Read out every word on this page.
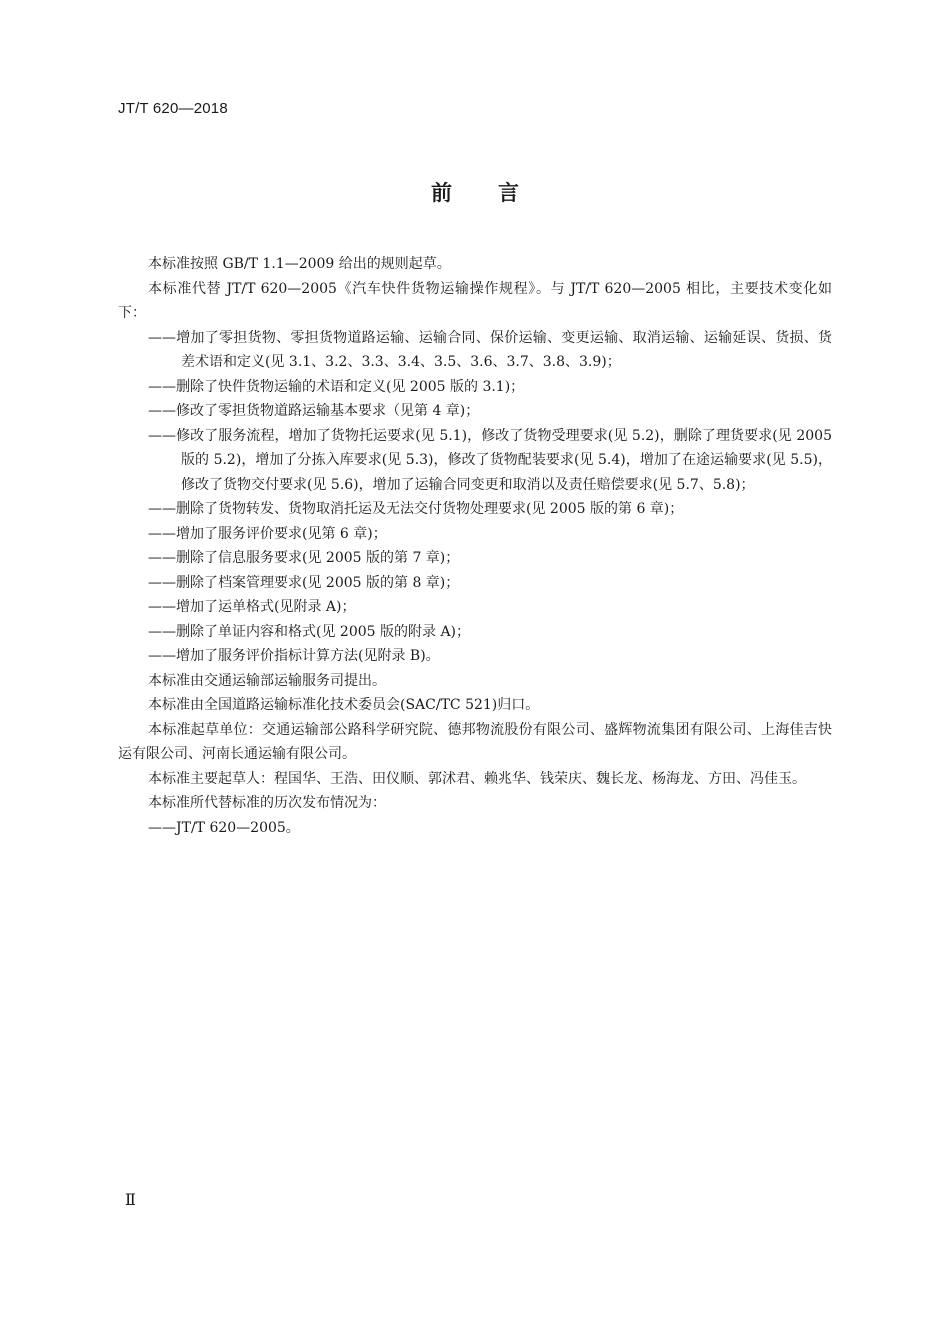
JT/T 620—2018

前言

本标准按照 GB/T 1.1—2009 给出的规则起草。

本标准代替 JT/T 620—2005《汽车快件货物运输操作规程》。与 JT/T 620—2005 相比，主要技术变化如下：

——增加了零担货物、零担货物道路运输、运输合同、保价运输、变更运输、取消运输、运输延误、货损、货差术语和定义(见 3.1、3.2、3.3、3.4、3.5、3.6、3.7、3.8、3.9)；

——删除了快件货物运输的术语和定义(见 2005 版的 3.1)；

——修改了零担货物道路运输基本要求（见第 4 章)；

——修改了服务流程，增加了货物托运要求(见 5.1)，修改了货物受理要求(见 5.2)，删除了理货要求(见 2005 版的 5.2)，增加了分拣入库要求(见 5.3)，修改了货物配装要求(见 5.4)，增加了在途运输要求(见 5.5)，修改了货物交付要求(见 5.6)，增加了运输合同变更和取消以及责任赔偿要求(见 5.7、5.8)；

——删除了货物转发、货物取消托运及无法交付货物处理要求(见 2005 版的第 6 章)；

——增加了服务评价要求(见第 6 章)；

——删除了信息服务要求(见 2005 版的第 7 章)；

——删除了档案管理要求(见 2005 版的第 8 章)；

——增加了运单格式(见附录 A)；

——删除了单证内容和格式(见 2005 版的附录 A)；

——增加了服务评价指标计算方法(见附录 B)。

本标准由交通运输部运输服务司提出。

本标准由全国道路运输标准化技术委员会(SAC/TC 521)归口。

本标准起草单位：交通运输部公路科学研究院、德邦物流股份有限公司、盛辉物流集团有限公司、上海佳吉快运有限公司、河南长通运输有限公司。

本标准主要起草人：程国华、王浩、田仪顺、郭沭君、赖兆华、钱荣庆、魏长龙、杨海龙、方田、冯佳玉。

本标准所代替标准的历次发布情况为：

——JT/T 620—2005。

Ⅱ
